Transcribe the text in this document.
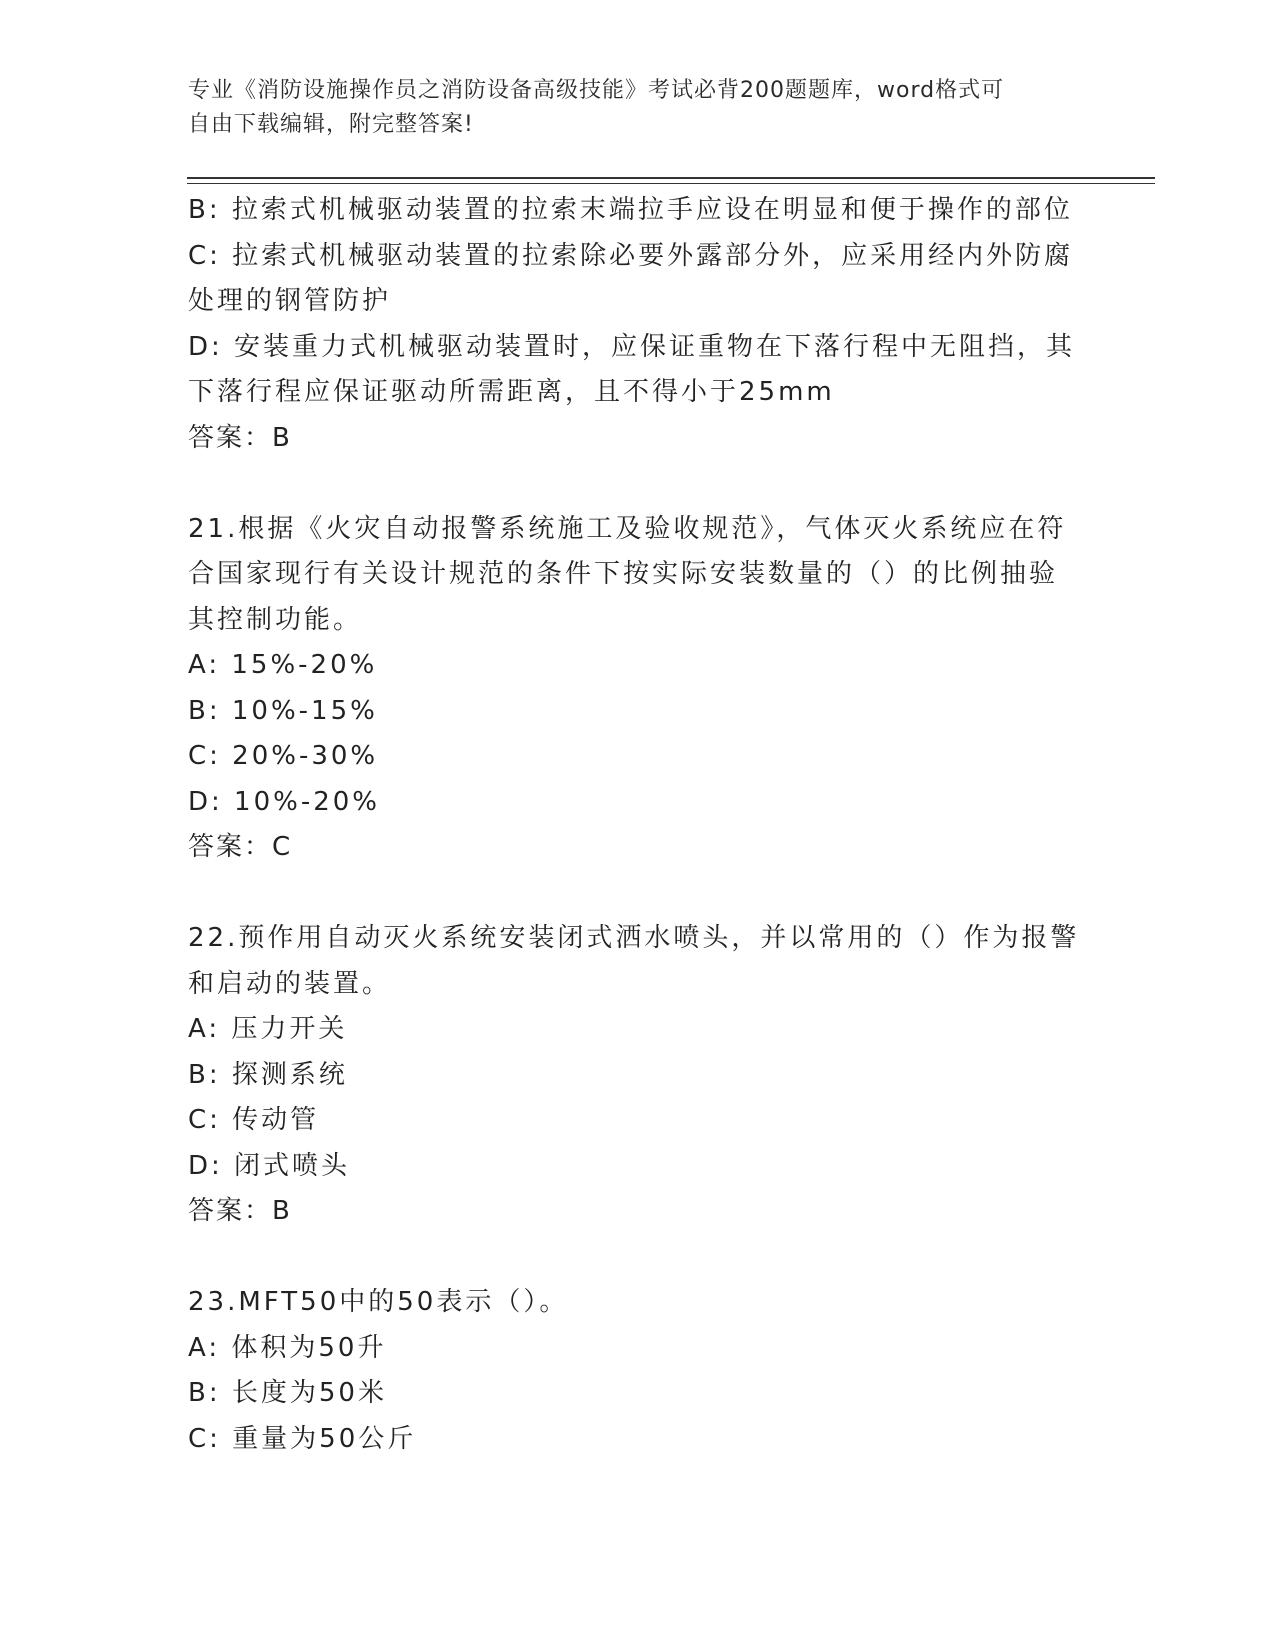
专业《消防设施操作员之消防设备高级技能》考试必背200题题库，word格式可
自由下载编辑，附完整答案!
B: 拉索式机械驱动装置的拉索末端拉手应设在明显和便于操作的部位
C: 拉索式机械驱动装置的拉索除必要外露部分外，应采用经内外防腐
处理的钢管防护
D: 安装重力式机械驱动装置时，应保证重物在下落行程中无阻挡，其
下落行程应保证驱动所需距离，且不得小于25mm
答案：B
21.根据《火灾自动报警系统施工及验收规范》，气体灭火系统应在符
合国家现行有关设计规范的条件下按实际安装数量的（）的比例抽验
其控制功能。
A: 15%-20%
B: 10%-15%
C: 20%-30%
D: 10%-20%
答案：C
22.预作用自动灭火系统安装闭式洒水喷头，并以常用的（）作为报警
和启动的装置。
A: 压力开关
B: 探测系统
C: 传动管
D: 闭式喷头
答案：B
23.MFT50中的50表示（）。
A: 体积为50升
B: 长度为50米
C: 重量为50公斤
